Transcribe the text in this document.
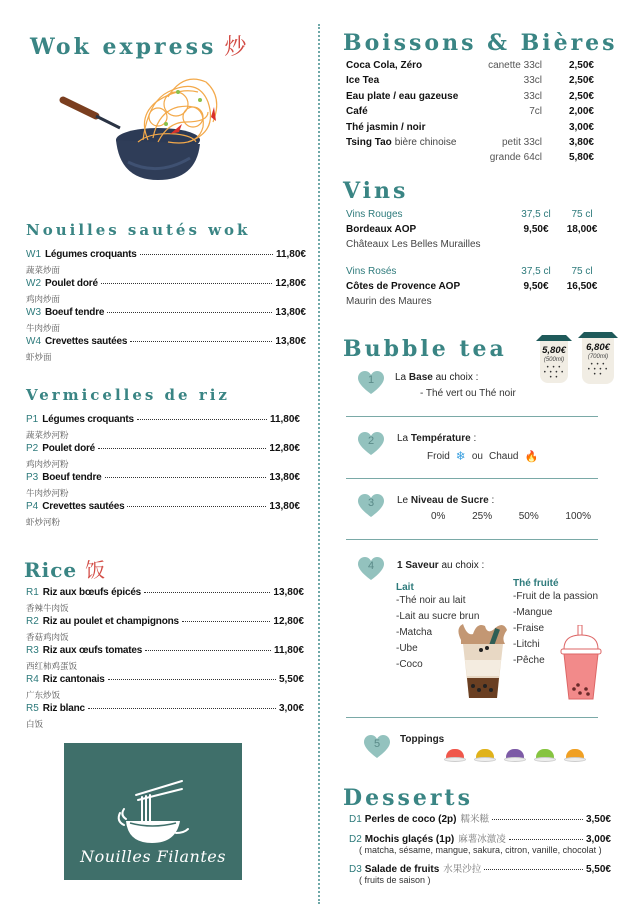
Wok express 炒
Nouilles sautés wok
W1 Légumes croquants	11,80€
蔬菜炒面
W2 Poulet doré	12,80€
鸡肉炒面
W3 Boeuf tendre	13,80€
牛肉炒面
W4 Crevettes sautées	13,80€
虾炒面
Vermicelles de riz
P1 Légumes croquants	11,80€
蔬菜炒河粉
P2 Poulet doré	12,80€
鸡肉炒河粉
P3 Boeuf tendre	13,80€
牛肉炒河粉
P4 Crevettes sautées	13,80€
虾炒河粉
Rice 饭
R1 Riz aux bœufs épicés	13,80€
香辣牛肉饭
R2 Riz au poulet et champignons	12,80€
香菇鸡肉饭
R3 Riz aux œufs tomates	11,80€
西红柿鸡蛋饭
R4 Riz cantonais	5,50€
广东炒饭
R5 Riz blanc	3,00€
白饭
Nouilles Filantes
Boissons & Bières
Coca Cola, Zéro	canette 33cl	2,50€
Ice Tea	33cl	2,50€
Eau plate / eau gazeuse	33cl	2,50€
Café	7cl	2,00€
Thé jasmin / noir	3,00€
Tsing Tao bière chinoise	petit 33cl	3,80€
grande 64cl	5,80€
Vins
Vins Rouges	37,5 cl	75 cl
Bordeaux AOP	9,50€	18,00€
Châteaux Les Belles Murailles
Vins Rosés	37,5 cl	75 cl
Côtes de Provence AOP	9,50€	16,50€
Maurin des Maures
Bubble tea	5,80€
(500ml)
• • •
• • • •
• •
6,80€
(700ml)
• • •
• • • •
• •
1	La Base au choix :
- Thé vert ou Thé noir
2	La Température :
Froid ❄ ou Chaud 🔥
3	Le Niveau de Sucre :
0%	25%	50%	100%
4	1 Saveur au choix :
Lait
-Thé noir au lait
-Lait au sucre brun
-Matcha
-Ube
-Coco
Thé fruité
-Fruit de la passion
-Mangue
-Fraise
-Litchi
-Pêche
5	Toppings
Desserts
D1 Perles de coco (2p) 糯米糍	3,50€
D2 Mochis glaçés (1p) 麻薯冰激凌	3,00€
( matcha, sésame, mangue, sakura, citron, vanille, chocolat )
D3 Salade de fruits 水果沙拉	5,50€
( fruits de saison )
